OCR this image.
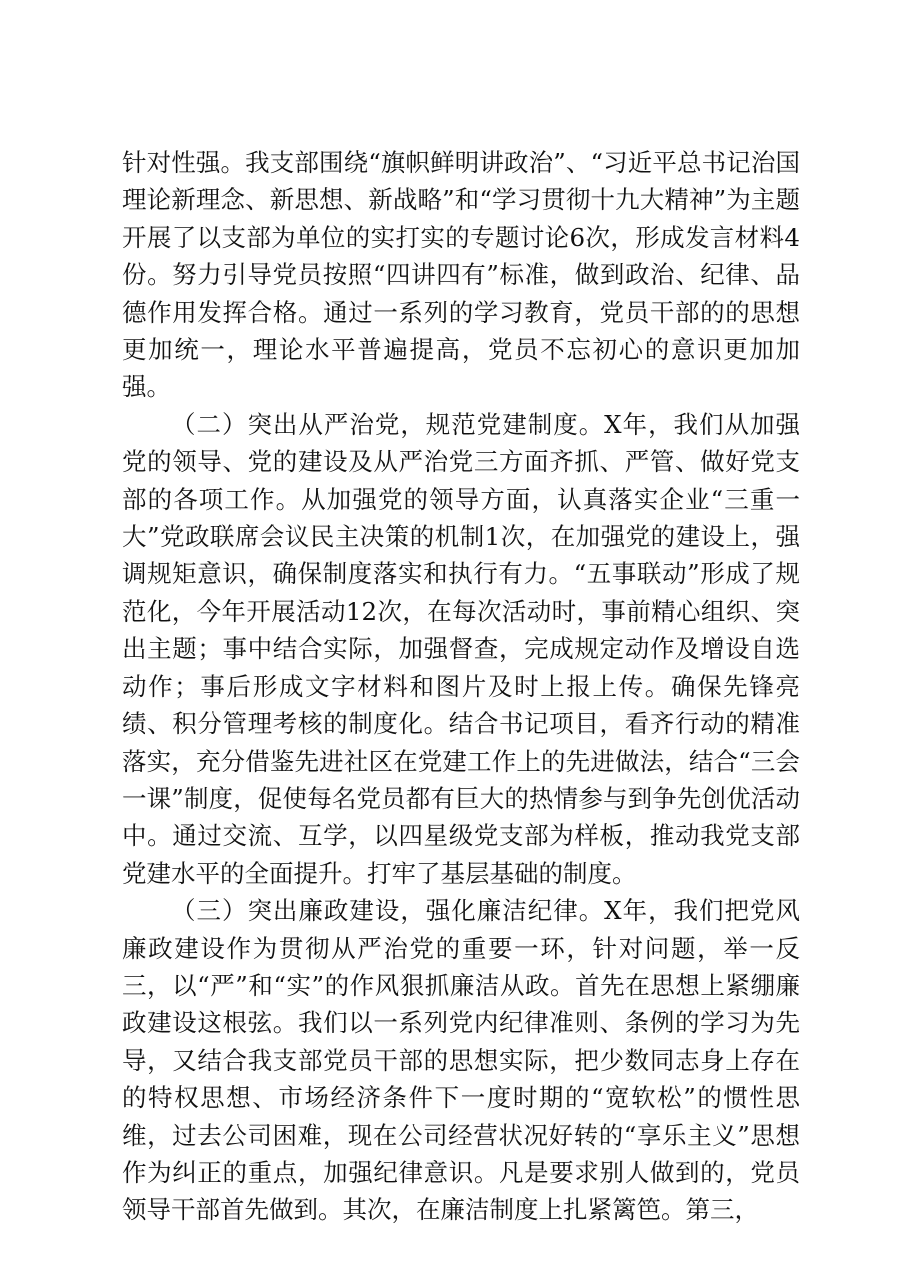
针对性强。我支部围绕“旗帜鲜明讲政治”、“习近平总书记治国理论新理念、新思想、新战略”和“学习贯彻十九大精神”为主题开展了以支部为单位的实打实的专题讨论6次，形成发言材料4份。努力引导党员按照“四讲四有”标准，做到政治、纪律、品德作用发挥合格。通过一系列的学习教育，党员干部的的思想更加统一，理论水平普遍提高，党员不忘初心的意识更加加强。

（二）突出从严治党，规范党建制度。X年，我们从加强党的领导、党的建设及从严治党三方面齐抓、严管、做好党支部的各项工作。从加强党的领导方面，认真落实企业“三重一大”党政联席会议民主决策的机制1次，在加强党的建设上，强调规矩意识，确保制度落实和执行有力。“五事联动”形成了规范化，今年开展活动12次，在每次活动时，事前精心组织、突出主题；事中结合实际，加强督查，完成规定动作及增设自选动作；事后形成文字材料和图片及时上报上传。确保先锋亮绩、积分管理考核的制度化。结合书记项目，看齐行动的精准落实，充分借鉴先进社区在党建工作上的先进做法，结合“三会一课”制度，促使每名党员都有巨大的热情参与到争先创优活动中。通过交流、互学，以四星级党支部为样板，推动我党支部党建水平的全面提升。打牢了基层基础的制度。

（三）突出廉政建设，强化廉洁纪律。X年，我们把党风廉政建设作为贯彻从严治党的重要一环，针对问题，举一反三，以“严”和“实”的作风狠抓廉洁从政。首先在思想上紧绷廉政建设这根弦。我们以一系列党内纪律准则、条例的学习为先导，又结合我支部党员干部的思想实际，把少数同志身上存在的特权思想、市场经济条件下一度时期的“宽软松”的惯性思维，过去公司困难，现在公司经营状况好转的“享乐主义”思想作为纠正的重点，加强纪律意识。凡是要求别人做到的，党员领导干部首先做到。其次，在廉洁制度上扎紧篱笆。第三，
